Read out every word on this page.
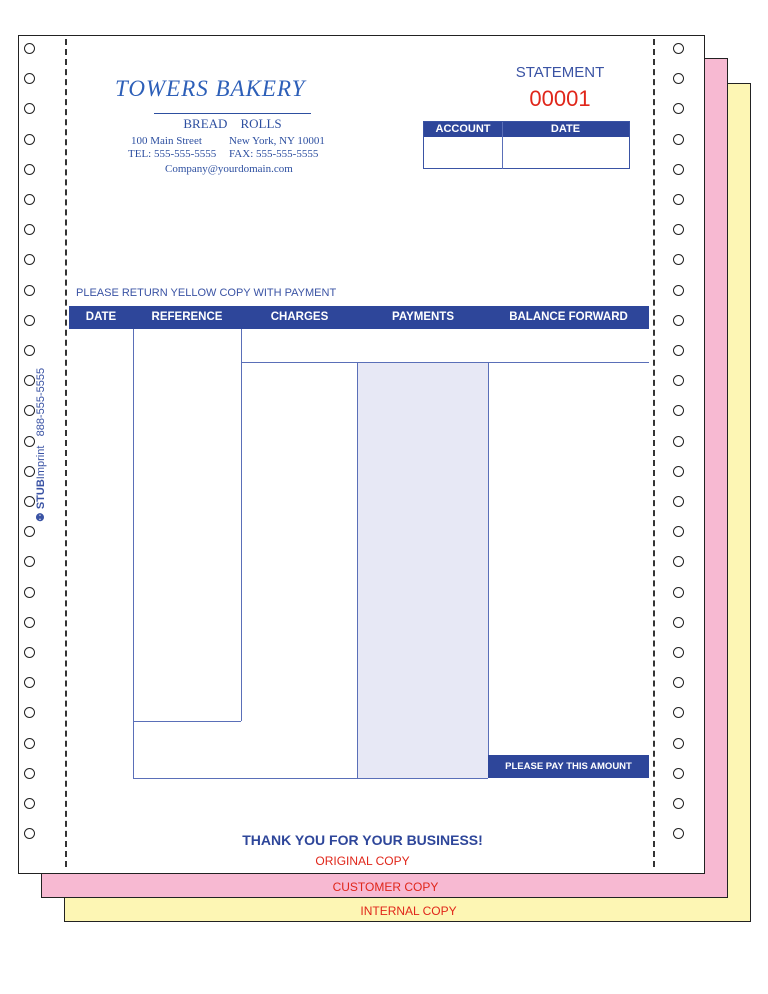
INTERNAL COPY
CUSTOMER COPY
⚉ STUBImprint   888-555-5555
TOWERS BAKERY
BREAD ROLLS
100 Main Street New York, NY 10001
TEL: 555-555-5555 FAX: 555-555-5555
Company@yourdomain.com
STATEMENT
00001
ACCOUNT	DATE
PLEASE RETURN YELLOW COPY WITH PAYMENT
DATE	REFERENCE	CHARGES	PAYMENTS	BALANCE FORWARD
PLEASE PAY THIS AMOUNT
THANK YOU FOR YOUR BUSINESS!
ORIGINAL COPY
